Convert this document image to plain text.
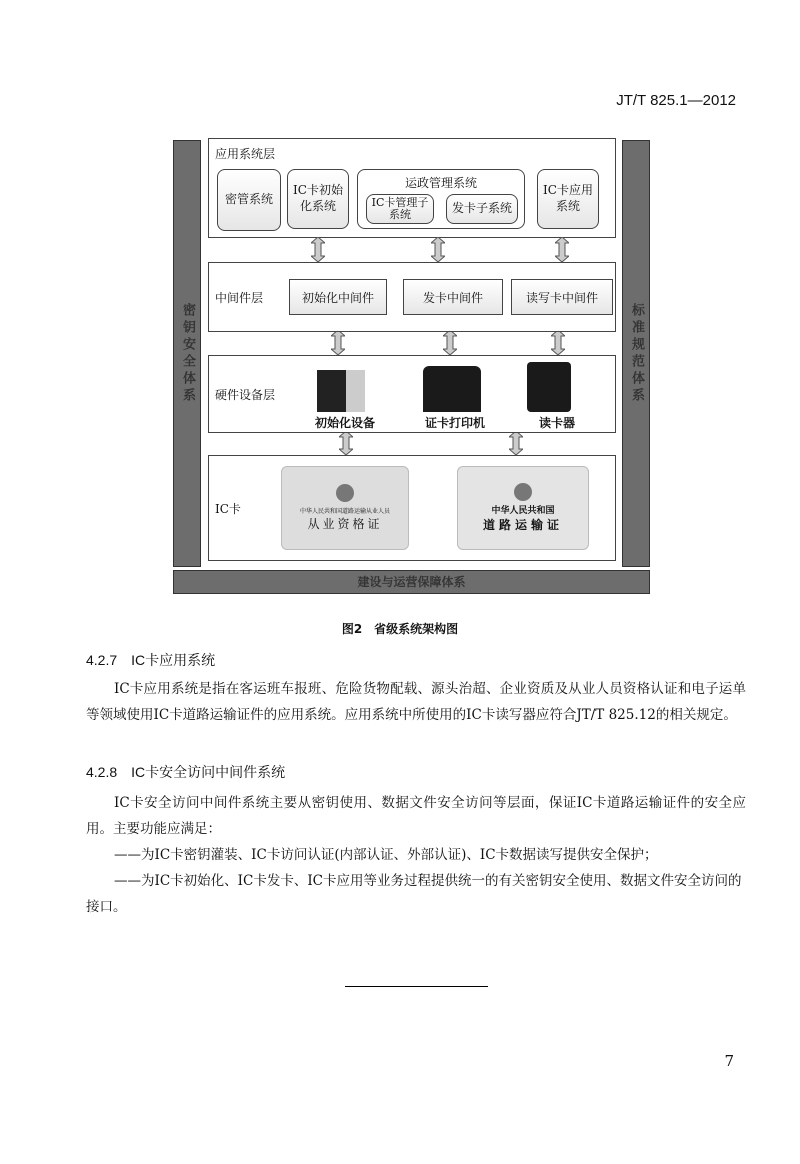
JT/T 825.1—2012
密钥安全体系	标准规范体系
建设与运营保障体系
应用系统层
密管系统
IC卡初始化系统
运政管理系统
IC卡管理子系统	发卡子系统
IC卡应用系统
中间件层	初始化中间件	发卡中间件	读写卡中间件
硬件设备层
初始化设备	证卡打印机	读卡器
IC卡	中华人民共和国道路运输从业人员
从业资格证
中华人民共和国
道路运输证
图2　省级系统架构图
4.2.7　IC卡应用系统
IC卡应用系统是指在客运班车报班、危险货物配载、源头治超、企业资质及从业人员资格认证和电子运单等领域使用IC卡道路运输证件的应用系统。应用系统中所使用的IC卡读写器应符合JT/T 825.12的相关规定。
4.2.8　IC卡安全访问中间件系统
IC卡安全访问中间件系统主要从密钥使用、数据文件安全访问等层面，保证IC卡道路运输证件的安全应用。主要功能应满足：
——为IC卡密钥灌装、IC卡访问认证(内部认证、外部认证)、IC卡数据读写提供安全保护；
——为IC卡初始化、IC卡发卡、IC卡应用等业务过程提供统一的有关密钥安全使用、数据文件安全访问的接口。
7
